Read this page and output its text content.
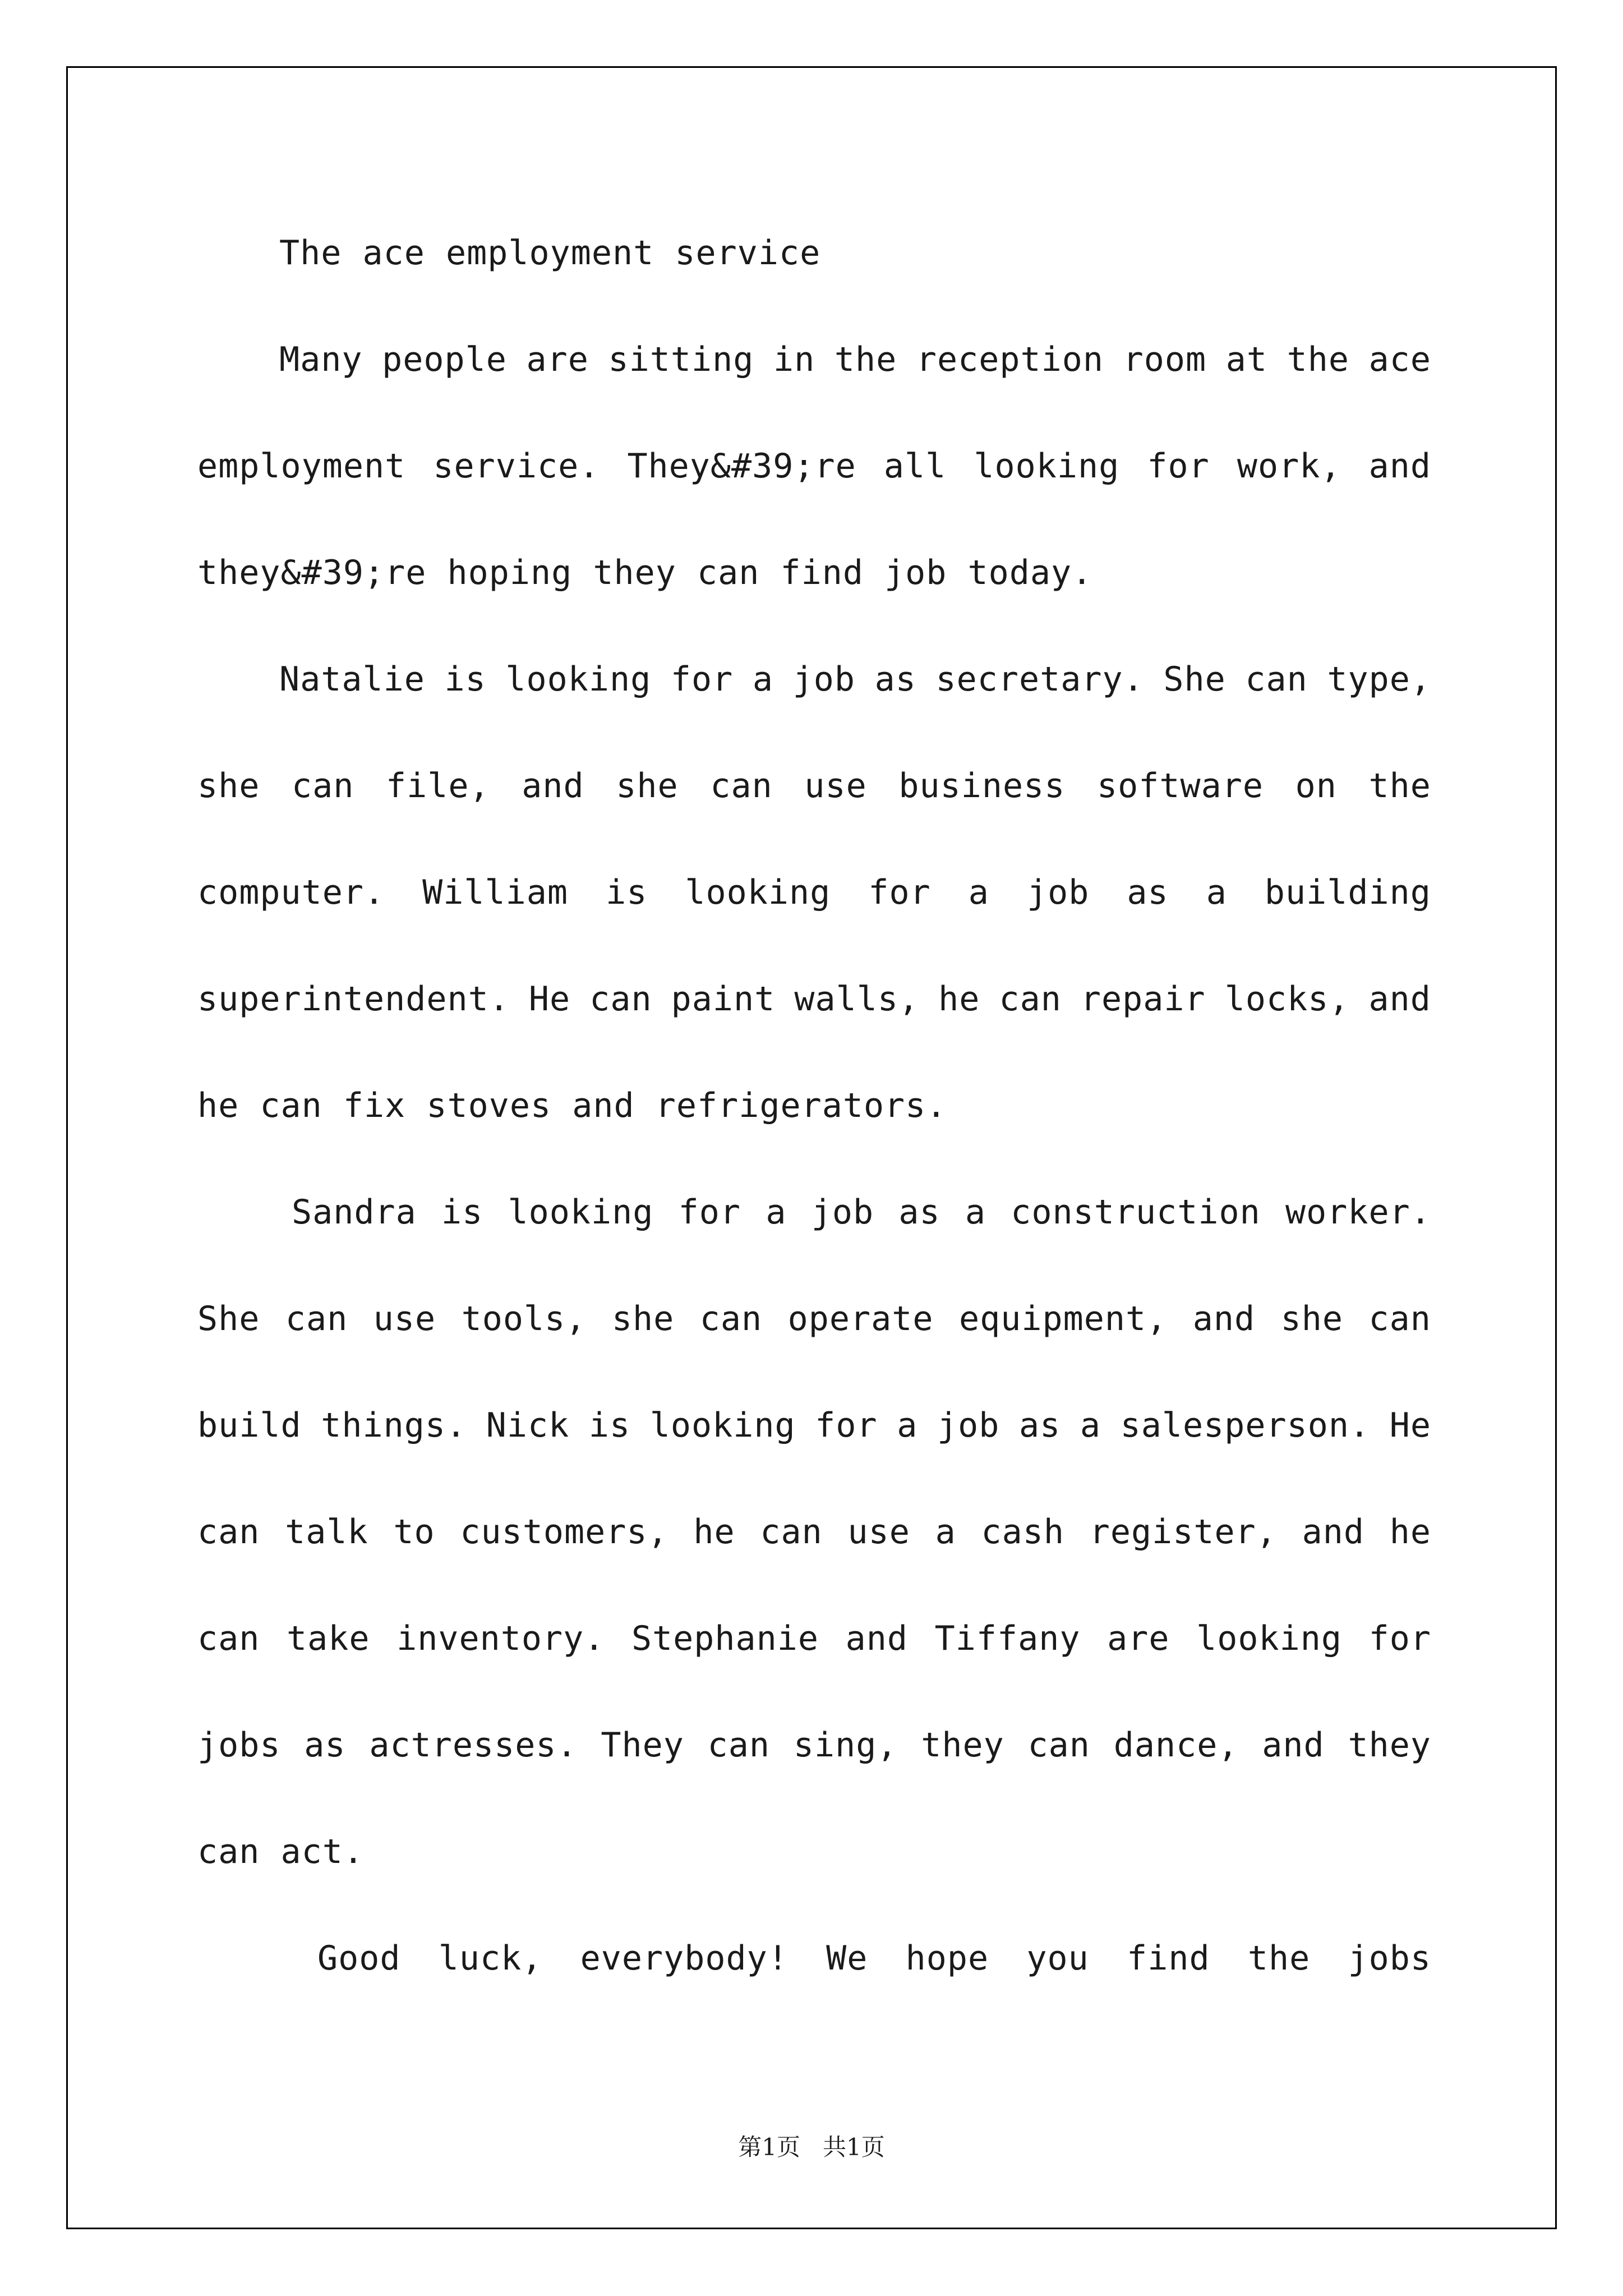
The ace employment service
Many people are sitting in the reception room at the ace
employment service. They&#39;re all looking for work, and
they&#39;re hoping they can find job today.
Natalie is looking for a job as secretary. She can type,
she can file, and she can use business software on the
computer. William is looking for a job as a building
superintendent. He can paint walls, he can repair locks, and
he can fix stoves and refrigerators.
Sandra is looking for a job as a construction worker.
She can use tools, she can operate equipment, and she can
build things. Nick is looking for a job as a salesperson. He
can talk to customers, he can use a cash register, and he
can take inventory. Stephanie and Tiffany are looking for
jobs as actresses. They can sing, they can dance, and they
can act.
Good luck, everybody! We hope you find the jobs
第1页 共1页
